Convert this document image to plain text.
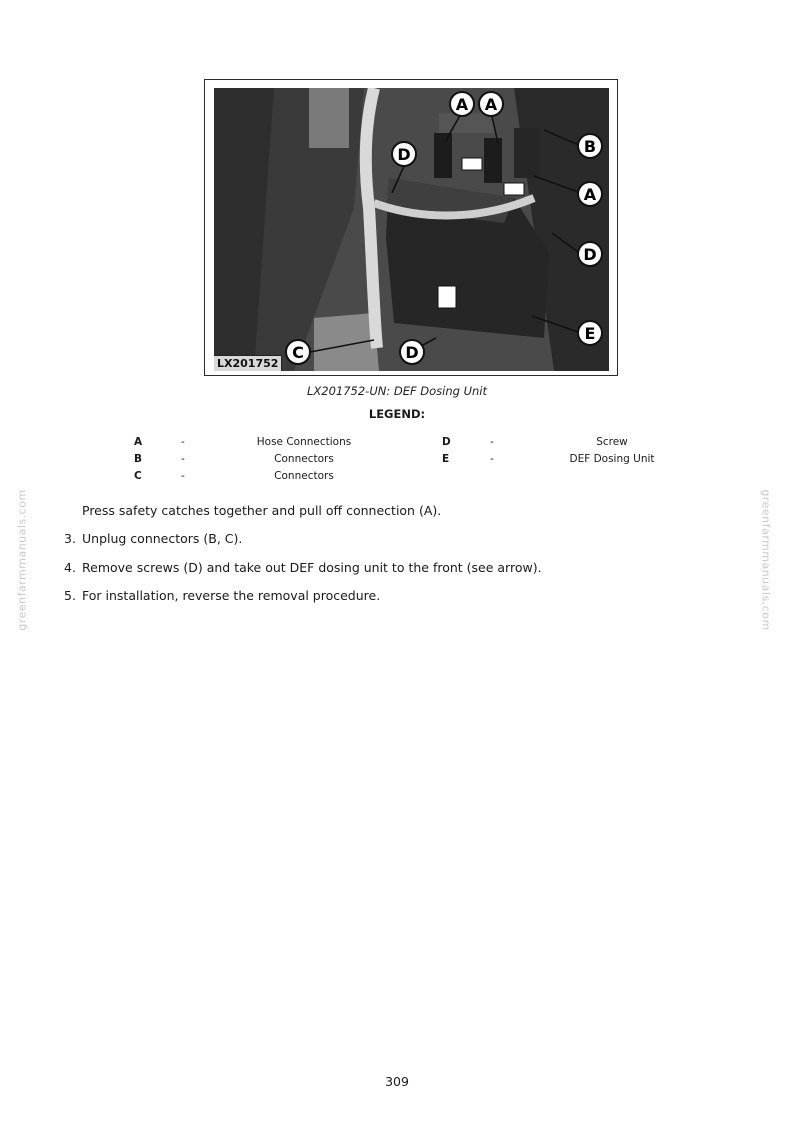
A A
B
A
D
D
E
C	D
LX201752
LX201752-UN: DEF Dosing Unit
LEGEND:
A	-	Hose Connections	D	-	Screw
B	-	Connectors	E	-	DEF Dosing Unit
C	-	Connectors
Press safety catches together and pull off connection (A).
3. Unplug connectors (B, C).
4. Remove screws (D) and take out DEF dosing unit to the front (see arrow).
5. For installation, reverse the removal procedure.
greenfarmmanuals.com	greenfarmmanuals.com
309
